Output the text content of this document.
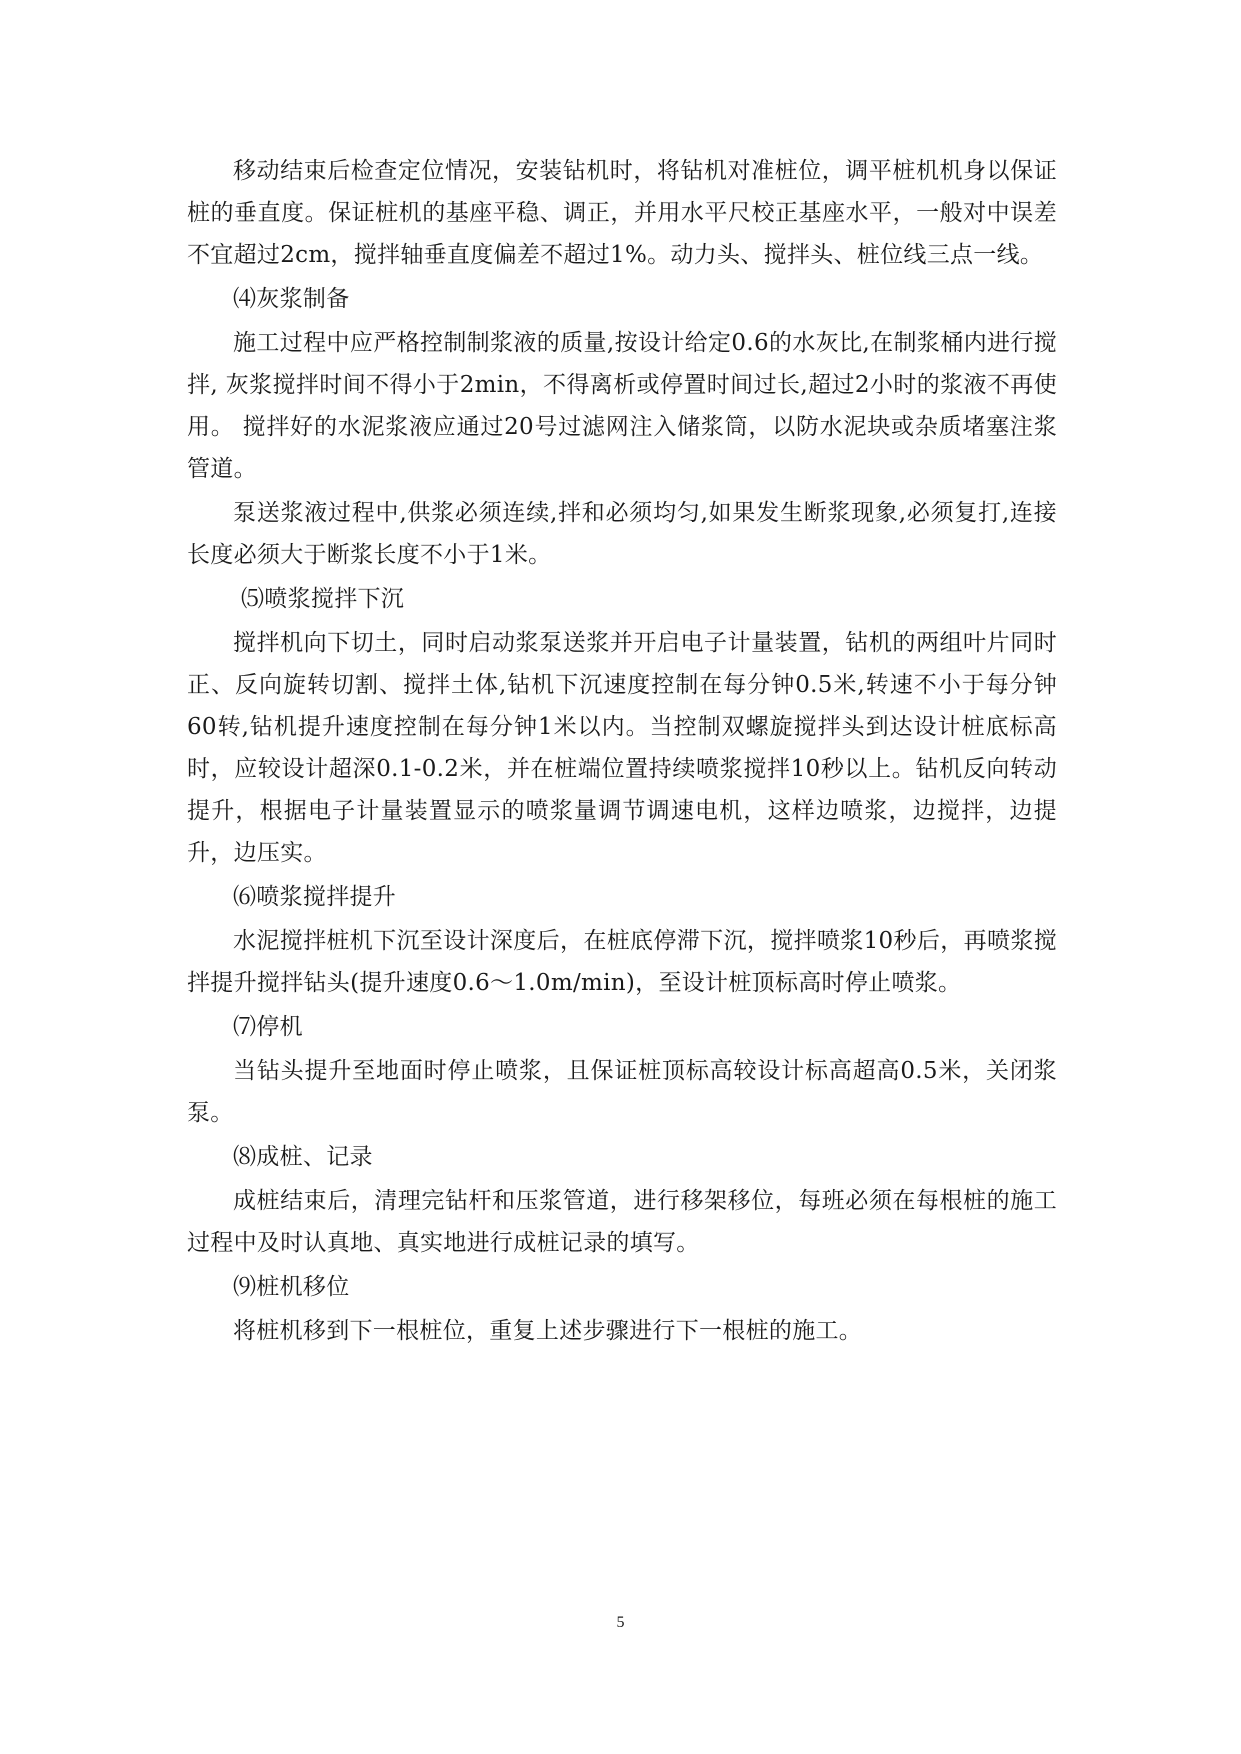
移动结束后检查定位情况，安装钻机时，将钻机对准桩位，调平桩机机身以保证桩的垂直度。保证桩机的基座平稳、调正，并用水平尺校正基座水平，一般对中误差不宜超过2cm，搅拌轴垂直度偏差不超过1%。动力头、搅拌头、桩位线三点一线。

⑷灰浆制备

施工过程中应严格控制制浆液的质量,按设计给定0.6的水灰比,在制浆桶内进行搅拌, 灰浆搅拌时间不得小于2min，不得离析或停置时间过长,超过2小时的浆液不再使用。 搅拌好的水泥浆液应通过20号过滤网注入储浆筒，以防水泥块或杂质堵塞注浆管道。

泵送浆液过程中,供浆必须连续,拌和必须均匀,如果发生断浆现象,必须复打,连接长度必须大于断浆长度不小于1米。

⑸喷浆搅拌下沉

搅拌机向下切土，同时启动浆泵送浆并开启电子计量装置，钻机的两组叶片同时正、反向旋转切割、搅拌土体,钻机下沉速度控制在每分钟0.5米,转速不小于每分钟60转,钻机提升速度控制在每分钟1米以内。当控制双螺旋搅拌头到达设计桩底标高时，应较设计超深0.1-0.2米，并在桩端位置持续喷浆搅拌10秒以上。钻机反向转动提升，根据电子计量装置显示的喷浆量调节调速电机，这样边喷浆，边搅拌，边提升，边压实。

⑹喷浆搅拌提升

水泥搅拌桩机下沉至设计深度后，在桩底停滞下沉，搅拌喷浆10秒后，再喷浆搅拌提升搅拌钻头(提升速度0.6～1.0m/min)，至设计桩顶标高时停止喷浆。

⑺停机

当钻头提升至地面时停止喷浆，且保证桩顶标高较设计标高超高0.5米，关闭浆泵。

⑻成桩、记录

成桩结束后，清理完钻杆和压浆管道，进行移架移位，每班必须在每根桩的施工过程中及时认真地、真实地进行成桩记录的填写。

⑼桩机移位

将桩机移到下一根桩位，重复上述步骤进行下一根桩的施工。

5
